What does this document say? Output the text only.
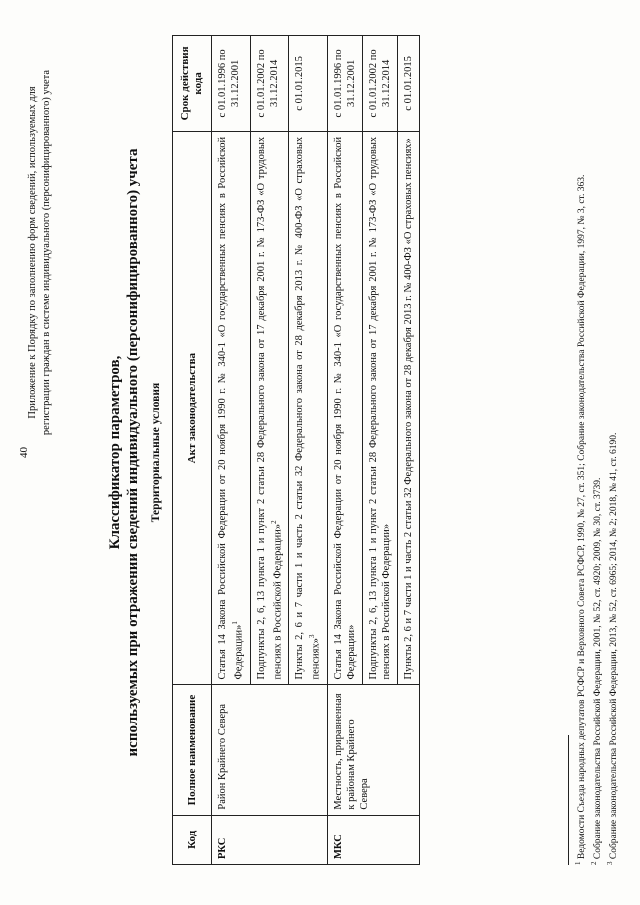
40
Приложение к Порядку по заполнению форм сведений, используемых для регистрации граждан в системе индивидуального (персонифицированного) учета
Классификатор параметров, используемых при отражении сведений индивидуального (персонифицированного) учета Территориальные условия
Код	Полное наименование	Акт законодательства	Срок действия кода
РКС	Район Крайнего Севера	Статья 14 Закона Российской Федерации от 20 ноября 1990 г. № 340-1 «О государственных пенсиях в Российской Федерации»$^1$	с 01.01.1996 по 31.12.2001
		Подпункты 2, 6, 13 пункта 1 и пункт 2 статьи 28 Федерального закона от 17 декабря 2001 г. № 173-ФЗ «О трудовых пенсиях в Российской Федерации»$^2$	с 01.01.2002 по 31.12.2014
		Пункты 2, 6 и 7 части 1 и часть 2 статьи 32 Федерального закона от 28 декабря 2013 г. № 400-ФЗ «О страховых пенсиях»$^3$	с 01.01.2015
МКС	Местность, приравненная к районам Крайнего Севера	Статья 14 Закона Российской Федерации от 20 ноября 1990 г. № 340-1 «О государственных пенсиях в Российской Федерации»	с 01.01.1996 по 31.12.2001
		Подпункты 2, 6, 13 пункта 1 и пункт 2 статьи 28 Федерального закона от 17 декабря 2001 г. № 173-ФЗ «О трудовых пенсиях в Российской Федерации»	с 01.01.2002 по 31.12.2014
		Пункты 2, 6 и 7 части 1 и часть 2 статьи 32 Федерального закона от 28 декабря 2013 г. № 400-ФЗ «О страховых пенсиях»	с 01.01.2015
$^1$ Ведомости Съезда народных депутатов РСФСР и Верховного Совета РСФСР, 1990, № 27, ст. 351; Собрание законодательства Российской Федерации, 1997, № 3, ст. 363.
$^2$ Собрание законодательства Российской Федерации, 2001, № 52, ст. 4920; 2009, № 30, ст. 3739.
$^3$ Собрание законодательства Российской Федерации, 2013, № 52, ст. 6965; 2014, № 2; 2018, № 41, ст. 6190.
